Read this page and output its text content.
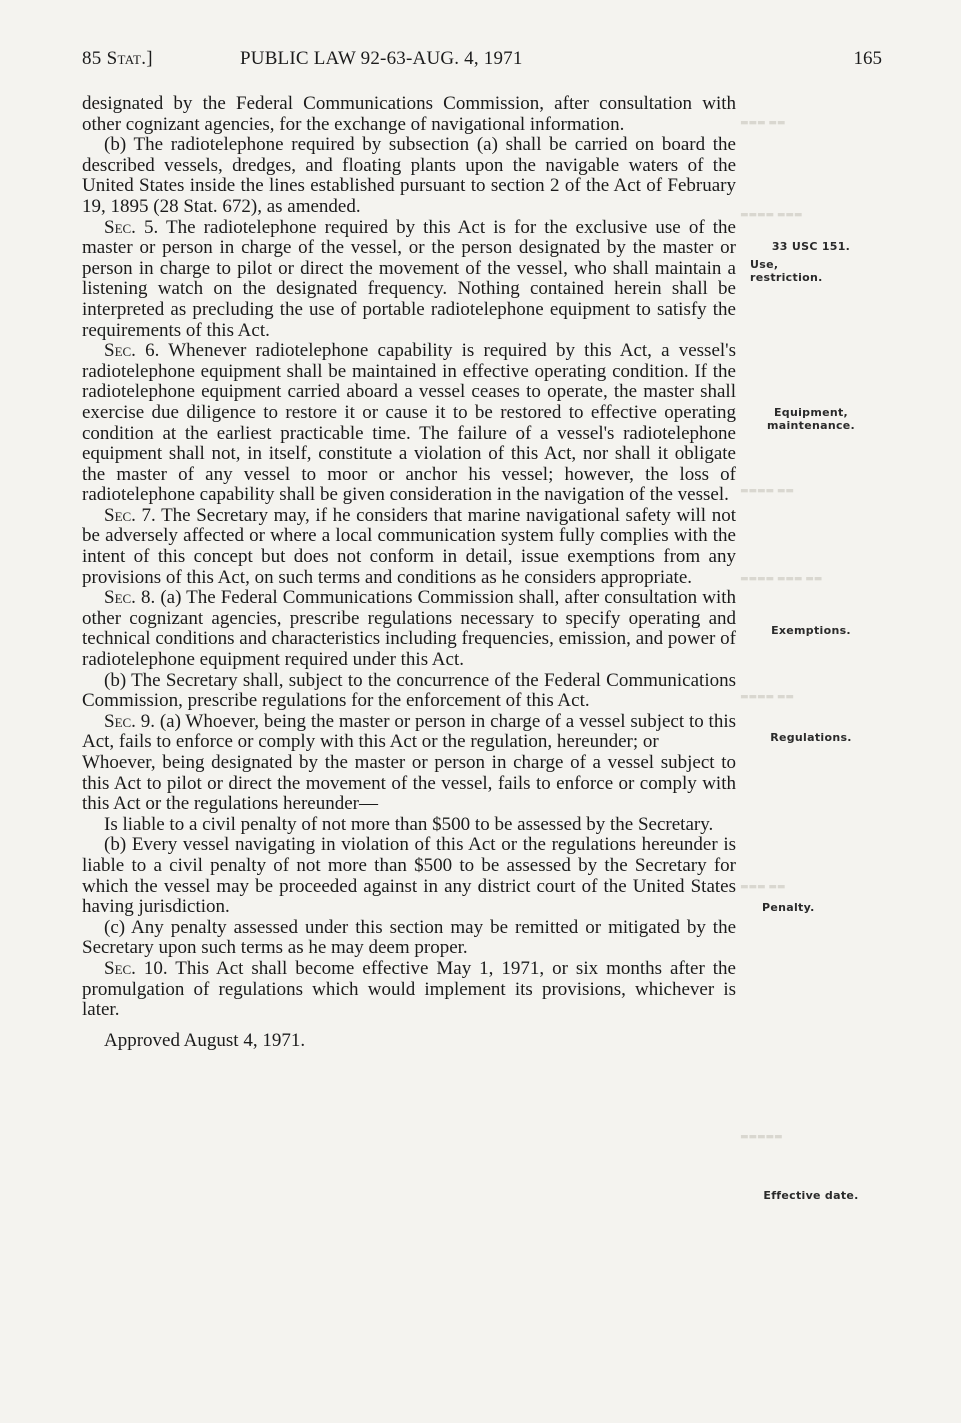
85 Stat.]	PUBLIC LAW 92-63-AUG. 4, 1971	165

designated by the Federal Communications Commission, after consultation with other cognizant agencies, for the exchange of navigational information.

(b) The radiotelephone required by subsection (a) shall be carried on board the described vessels, dredges, and floating plants upon the navigable waters of the United States inside the lines established pursuant to section 2 of the Act of February 19, 1895 (28 Stat. 672), as amended.

Sec. 5. The radiotelephone required by this Act is for the exclusive use of the master or person in charge of the vessel, or the person designated by the master or person in charge to pilot or direct the movement of the vessel, who shall maintain a listening watch on the designated frequency. Nothing contained herein shall be interpreted as precluding the use of portable radiotelephone equipment to satisfy the requirements of this Act.

Sec. 6. Whenever radiotelephone capability is required by this Act, a vessel's radiotelephone equipment shall be maintained in effective operating condition. If the radiotelephone equipment carried aboard a vessel ceases to operate, the master shall exercise due diligence to restore it or cause it to be restored to effective operating condition at the earliest practicable time. The failure of a vessel's radiotelephone equipment shall not, in itself, constitute a violation of this Act, nor shall it obligate the master of any vessel to moor or anchor his vessel; however, the loss of radiotelephone capability shall be given consideration in the navigation of the vessel.

Sec. 7. The Secretary may, if he considers that marine navigational safety will not be adversely affected or where a local communication system fully complies with the intent of this concept but does not conform in detail, issue exemptions from any provisions of this Act, on such terms and conditions as he considers appropriate.

Sec. 8. (a) The Federal Communications Commission shall, after consultation with other cognizant agencies, prescribe regulations necessary to specify operating and technical conditions and characteristics including frequencies, emission, and power of radiotelephone equipment required under this Act.

(b) The Secretary shall, subject to the concurrence of the Federal Communications Commission, prescribe regulations for the enforcement of this Act.

Sec. 9. (a) Whoever, being the master or person in charge of a vessel subject to this Act, fails to enforce or comply with this Act or the regulation, hereunder; or

Whoever, being designated by the master or person in charge of a vessel subject to this Act to pilot or direct the movement of the vessel, fails to enforce or comply with this Act or the regulations hereunder—

Is liable to a civil penalty of not more than $500 to be assessed by the Secretary.

(b) Every vessel navigating in violation of this Act or the regulations hereunder is liable to a civil penalty of not more than $500 to be assessed by the Secretary for which the vessel may be proceeded against in any district court of the United States having jurisdiction.

(c) Any penalty assessed under this section may be remitted or mitigated by the Secretary upon such terms as he may deem proper.

Sec. 10. This Act shall become effective May 1, 1971, or six months after the promulgation of regulations which would implement its provisions, whichever is later.

Approved August 4, 1971.

▬▬▬ ▬▬
▬▬▬▬ ▬▬▬
▬▬▬▬ ▬▬
▬▬▬▬ ▬▬▬ ▬▬
▬▬▬▬ ▬▬
▬▬▬ ▬▬
▬▬▬▬▬
33 USC 151.
Use, restriction.
Equipment, maintenance.
Exemptions.
Regulations.
Penalty.
Effective date.
